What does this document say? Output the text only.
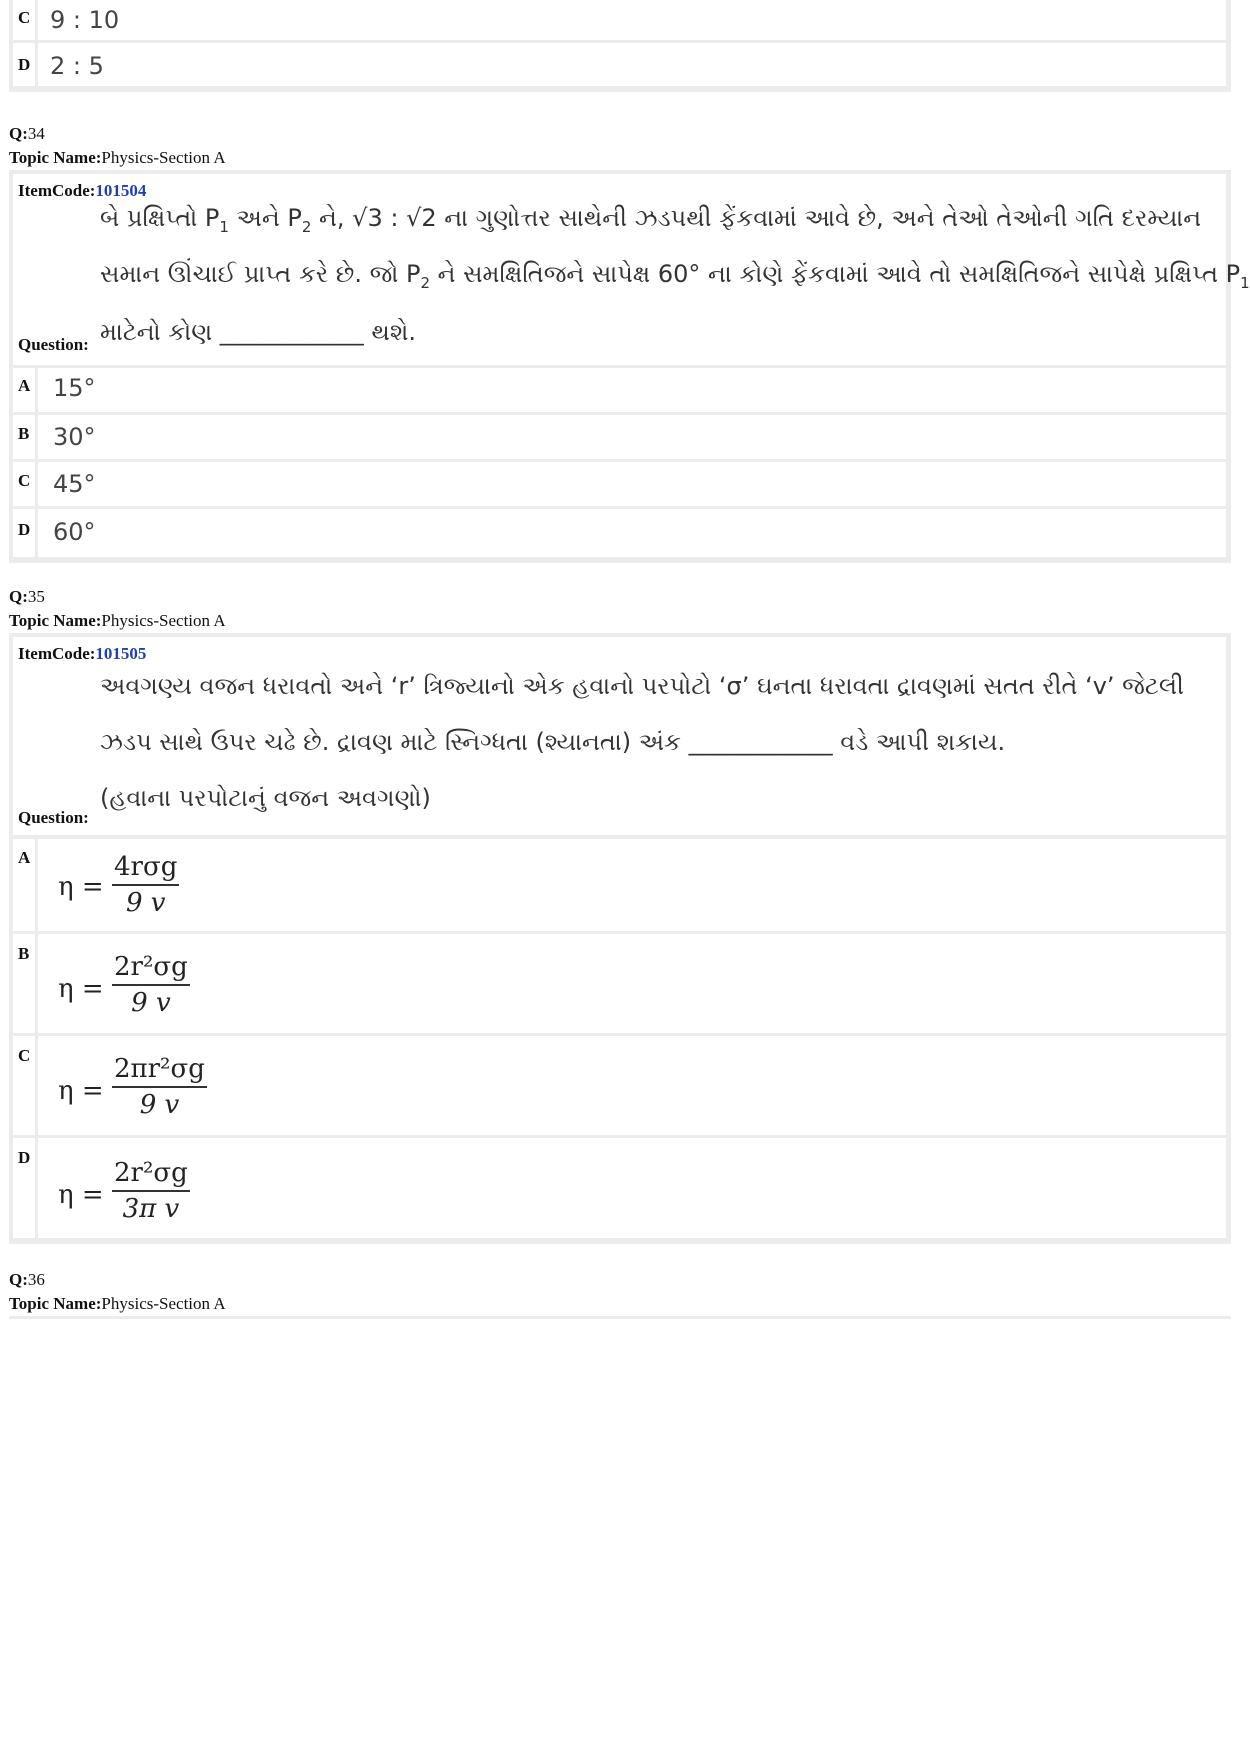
C 9 : 10
D 2 : 5
Q:34
Topic Name:Physics-Section A
ItemCode:101504
બે પ્રક્ષિપ્તો $P_1$ અને $P_2$ ને, √3 : √2 ના ગુણોત્તર સાથેની ઝડપથી ફેંકવામાં આવે છે, અને તેઓ તેઓની ગતિ દરમ્યાન
સમાન ઊંચાઈ પ્રાપ્ત કરે છે. જો $P_2$ ને સમક્ષિતિજને સાપેક્ષ 60° ના કોણે ફેંકવામાં આવે તો સમક્ષિતિજને સાપેક્ષે પ્રક્ષિપ્ત $P_1$
માટેનો કોણ ____________ થશે.
Question:
A 15°
B 30°
C 45°
D 60°
Q:35
Topic Name:Physics-Section A
ItemCode:101505
અવગણ્ય વજન ધરાવતો અને ‘r’ ત્રિજ્યાનો એક હવાનો પરપોટો ‘σ’ ઘનતા ધરાવતા દ્રાવણમાં સતત રીતે ‘v’ જેટલી
ઝડપ સાથે ઉપર ચઢે છે. દ્રાવણ માટે સ્નિગ્ધતા (શ્યાનતા) અંક ____________ વડે આપી શકાય.
(હવાના પરપોટાનું વજન અવગણો)
Question:
A
η =
4rσg
9 v
B
$\eta = \frac{\text{2r²σg}}{9 v}$
C
$\eta = \frac{\text{2πr²σg}}{9 v}$
D
$\eta = \frac{\text{2r²σg}}{\text{3π v}}$
Q:36
Topic Name:Physics-Section A
